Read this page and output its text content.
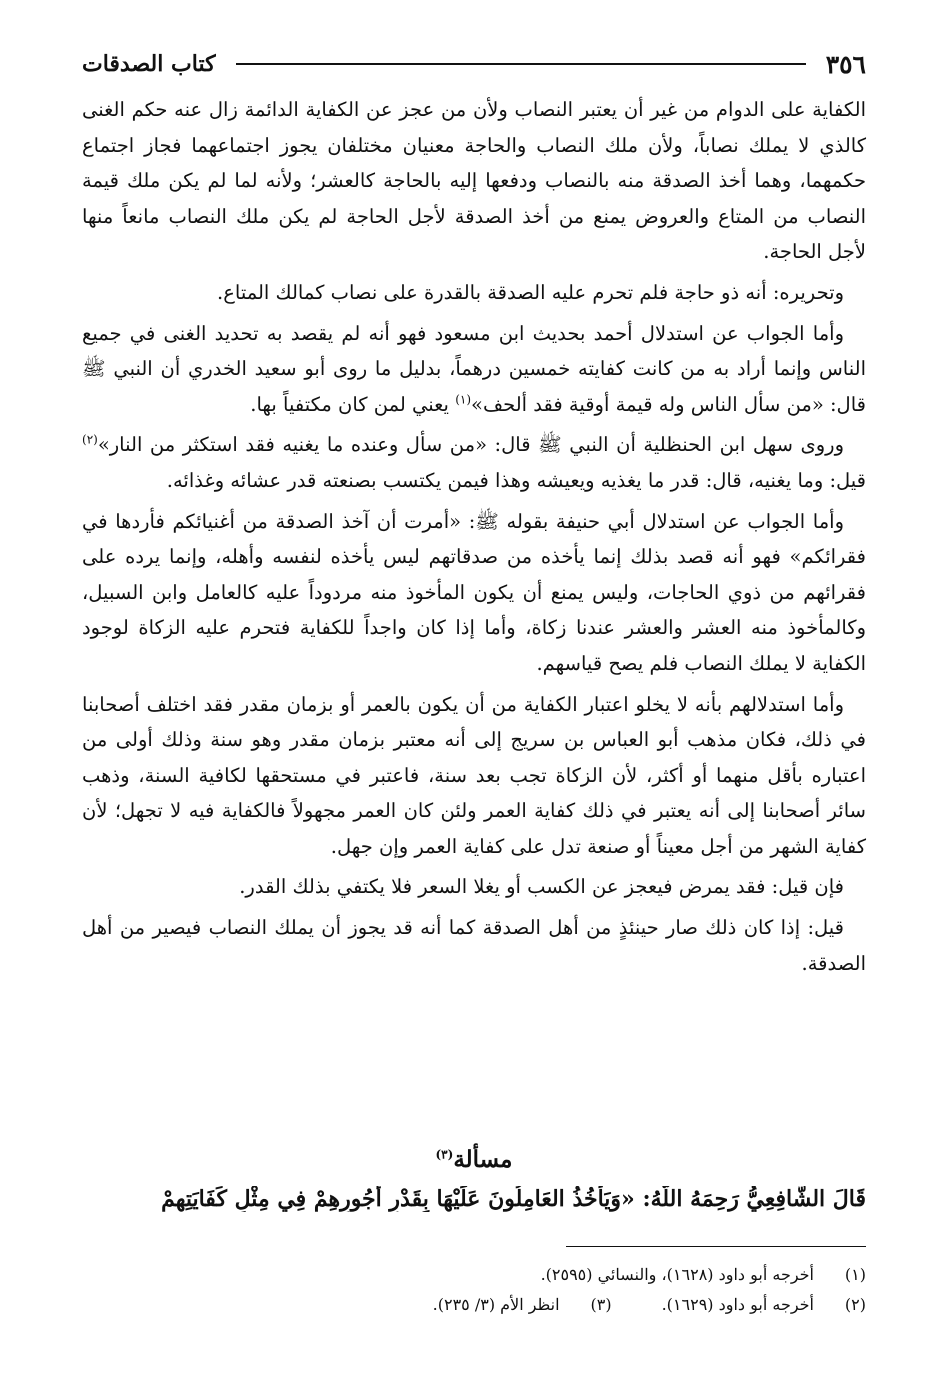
٣٥٦
كتاب الصدقات

الكفاية على الدوام من غير أن يعتبر النصاب ولأن من عجز عن الكفاية الدائمة زال عنه حكم الغنى كالذي لا يملك نصاباً، ولأن ملك النصاب والحاجة معنيان مختلفان يجوز اجتماعهما فجاز اجتماع حكمهما، وهما أخذ الصدقة منه بالنصاب ودفعها إليه بالحاجة كالعشر؛ ولأنه لما لم يكن ملك قيمة النصاب من المتاع والعروض يمنع من أخذ الصدقة لأجل الحاجة لم يكن ملك النصاب مانعاً منها لأجل الحاجة.

وتحريره: أنه ذو حاجة فلم تحرم عليه الصدقة بالقدرة على نصاب كمالك المتاع.

وأما الجواب عن استدلال أحمد بحديث ابن مسعود فهو أنه لم يقصد به تحديد الغنى في جميع الناس وإنما أراد به من كانت كفايته خمسين درهماً، بدليل ما روى أبو سعيد الخدري أن النبي ﷺ قال: «من سأل الناس وله قيمة أوقية فقد ألحف»$^{(١)}$ يعني لمن كان مكتفياً بها.

وروى سهل ابن الحنظلية أن النبي ﷺ قال: «من سأل وعنده ما يغنيه فقد استكثر من النار»$^{(٢)}$ قيل: وما يغنيه، قال: قدر ما يغذيه ويعيشه وهذا فيمن يكتسب بصنعته قدر عشائه وغذائه.

وأما الجواب عن استدلال أبي حنيفة بقوله ﷺ: «أمرت أن آخذ الصدقة من أغنيائكم فأردها في فقرائكم» فهو أنه قصد بذلك إنما يأخذه من صدقاتهم ليس يأخذه لنفسه وأهله، وإنما يرده على فقرائهم من ذوي الحاجات، وليس يمنع أن يكون المأخوذ منه مردوداً عليه كالعامل وابن السبيل، وكالمأخوذ منه العشر والعشر عندنا زكاة، وأما إذا كان واجداً للكفاية فتحرم عليه الزكاة لوجود الكفاية لا يملك النصاب فلم يصح قياسهم.

وأما استدلالهم بأنه لا يخلو اعتبار الكفاية من أن يكون بالعمر أو بزمان مقدر فقد اختلف أصحابنا في ذلك، فكان مذهب أبو العباس بن سريج إلى أنه معتبر بزمان مقدر وهو سنة وذلك أولى من اعتباره بأقل منهما أو أكثر، لأن الزكاة تجب بعد سنة، فاعتبر في مستحقها لكافية السنة، وذهب سائر أصحابنا إلى أنه يعتبر في ذلك كفاية العمر ولئن كان العمر مجهولاً فالكفاية فيه لا تجهل؛ لأن كفاية الشهر من أجل معيناً أو صنعة تدل على كفاية العمر وإن جهل.

فإن قيل: فقد يمرض فيعجز عن الكسب أو يغلا السعر فلا يكتفي بذلك القدر.

قيل: إذا كان ذلك صار حينئذٍ من أهل الصدقة كما أنه قد يجوز أن يملك النصاب فيصير من أهل الصدقة.

مسألة$^{(٣)}$
قَالَ الشَّافِعِيُّ رَحِمَهُ اللَّهُ: «وَيَأْخُذُ العَامِلُونَ عَلَيْهَا بِقَدْرِ أُجُورِهِمْ فِي مِثْلِ كَفَايَتِهِمْ
(١)
أخرجه أبو داود (١٦٢٨)، والنسائي (٢٥٩٥).
(٢)
أخرجه أبو داود (١٦٢٩).
(٣)
انظر الأم (٣/ ٢٣٥).
